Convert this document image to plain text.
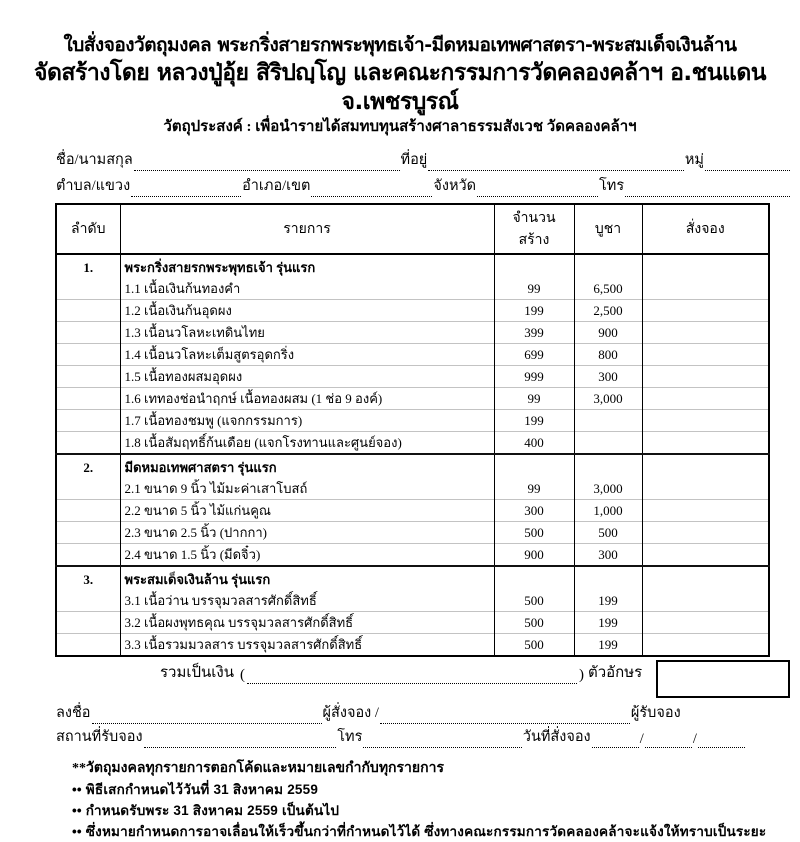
ใบสั่งจองวัตถุมงคล พระกริ่งสายรกพระพุทธเจ้า-มีดหมอเทพศาสตรา-พระสมเด็จเงินล้าน
จัดสร้างโดย หลวงปู่อุ้ย สิริปญฺโญ และคณะกรรมการวัดคลองคล้าฯ อ.ชนแดน จ.เพชรบูรณ์
วัตถุประสงค์ : เพื่อนำรายได้สมทบทุนสร้างศาลาธรรมสังเวช วัดคลองคล้าฯ
ชื่อ/นามสกุล	ที่อยู่	หมู่
ตำบล/แขวง	อำเภอ/เขต	จังหวัด	โทร
ลำดับ	รายการ	จำนวนสร้าง	บูชา	สั่งจอง
1.	พระกริ่งสายรกพระพุทธเจ้า รุ่นแรก			
	1.1 เนื้อเงินก้นทองคำ	99	6,500	
	1.2 เนื้อเงินก้นอุดผง	199	2,500	
	1.3 เนื้อนวโลหะเทดินไทย	399	900	
	1.4 เนื้อนวโลหะเต็มสูตรอุดกริ่ง	699	800	
	1.5 เนื้อทองผสมอุดผง	999	300	
	1.6 เททองช่อนำฤกษ์ เนื้อทองผสม (1 ช่อ 9 องค์)	99	3,000	
	1.7 เนื้อทองชมพู (แจกกรรมการ)	199		
	1.8 เนื้อสัมฤทธิ์ก้นเดือย (แจกโรงทานและศูนย์จอง)	400		
2.	มีดหมอเทพศาสตรา รุ่นแรก			
	2.1 ขนาด 9 นิ้ว ไม้มะค่าเสาโบสถ์	99	3,000	
	2.2 ขนาด 5 นิ้ว ไม้แก่นคูณ	300	1,000	
	2.3 ขนาด 2.5 นิ้ว (ปากกา)	500	500	
	2.4 ขนาด 1.5 นิ้ว (มีดจิ๋ว)	900	300	
3.	พระสมเด็จเงินล้าน รุ่นแรก			
	3.1 เนื้อว่าน บรรจุมวลสารศักดิ์สิทธิ์	500	199	
	3.2 เนื้อผงพุทธคุณ บรรจุมวลสารศักดิ์สิทธิ์	500	199	
	3.3 เนื้อรวมมวลสาร บรรจุมวลสารศักดิ์สิทธิ์	500	199	
รวมเป็นเงิน (	) ตัวอักษร
ลงชื่อ	ผู้สั่งจอง /	ผู้รับจอง
สถานที่รับจอง	โทร	วันที่สั่งจอง	/	/
**วัตถุมงคลทุกรายการตอกโค้ดและหมายเลขกำกับทุกรายการ
•• พิธีเสกกำหนดไว้วันที่ 31 สิงหาคม 2559
•• กำหนดรับพระ 31 สิงหาคม 2559 เป็นต้นไป
•• ซึ่งหมายกำหนดการอาจเลื่อนให้เร็วขึ้นกว่าที่กำหนดไว้ได้ ซึ่งทางคณะกรรมการวัดคลองคล้าจะแจ้งให้ทราบเป็นระยะ
